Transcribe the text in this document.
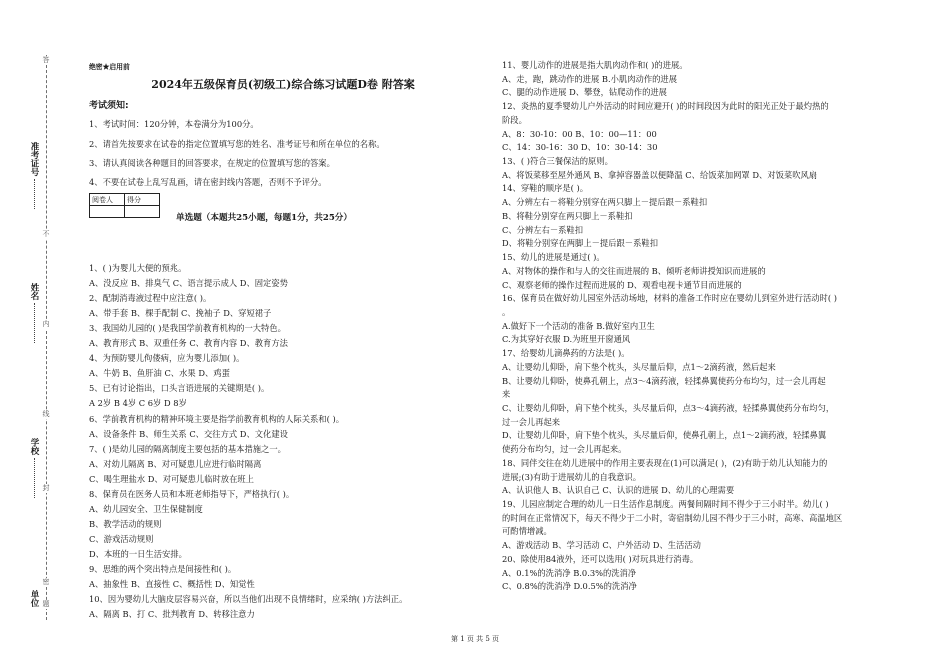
准考证号
姓名
学校
单位
答
不
内
线
封
密
题
绝密★启用前
2024年五级保育员(初级工)综合练习试题D卷 附答案
考试须知:
1、考试时间：120分钟，本卷满分为100分。
2、请首先按要求在试卷的指定位置填写您的姓名、准考证号和所在单位的名称。
3、请认真阅读各种题目的回答要求，在规定的位置填写您的答案。
4、不要在试卷上乱写乱画，请在密封线内答题，否则不予评分。
阅卷人	得分

单选题（本题共25小题，每题1分，共25分）
1、( )为婴儿大便的预兆。
A、没反应 B、排臭气 C、语言提示成人 D、固定姿势
2、配制消毒液过程中应注意( )。
A、带手套 B、棵手配制 C、挽袖子 D、穿短裙子
3、我国幼儿园的( )是我国学前教育机构的一大特色。
A、教育形式 B、双重任务 C、教育内容 D、教育方法
4、为预防婴儿佝偻病，应为婴儿添加( )。
A、牛奶 B、鱼肝油 C、水果 D、鸡蛋
5、已有讨论指出，口头言语进展的关键期是( )。
A 2岁 B 4岁 C 6岁 D 8岁
6、学前教育机构的精神环境主要是指学前教育机构的人际关系和( )。
A、设备条件 B、师生关系 C、交往方式 D、文化建设
7、( )是幼儿园的隔离制度主要包括的基本措施之一。
A、对幼儿隔离 B、对可疑患儿应进行临时隔离
C、喝生理盐水 D、对可疑患儿临时放在班上
8、保育员在医务人员和本班老师指导下，严格执行( )。
A、幼儿园安全、卫生保健制度
B、教学活动的规则
C、游戏活动规则
D、本班的一日生活安排。
9、思维的两个突出特点是间接性和( )。
A、抽象性 B、直接性 C、概括性 D、知觉性
10、因为婴幼儿大脑皮层容易兴奋，所以当他们出现不良情绪时，应采纳( )方法纠正。
A、隔离 B、打 C、批判教育 D、转移注意力
11、婴儿动作的进展是指大肌肉动作和( )的进展。
A、走，跑，跳动作的进展 B.小肌肉动作的进展
C、腿的动作进展 D、攀登，钻爬动作的进展
12、炎热的夏季婴幼儿户外活动的时间应避开( )的时间段因为此时的阳光正处于最灼热的
阶段。
A、8：30-10：00 B、10：00—11：00
C、14：30-16：30 D、10：30-14：30
13、( )符合三餐保洁的原则。
A、将饭菜移至屋外通风 B、拿掉容器盖以便降温 C、给饭菜加网罩 D、对饭菜吹风扇
14、穿鞋的顺序是( )。
A、分辨左右－将鞋分别穿在两只脚上－提后跟－系鞋扣
B、将鞋分别穿在两只脚上－系鞋扣
C、分辨左右－系鞋扣
D、将鞋分别穿在两脚上－提后跟－系鞋扣
15、幼儿的进展是通过( )。
A、对物体的操作和与人的交往而进展的 B、倾听老师讲授知识而进展的
C、观察老师的操作过程而进展的 D、观看电视卡通节目而进展的
16、保育员在做好幼儿园室外活动场地，材料的准备工作时应在婴幼儿到室外进行活动时( )
。
A.做好下一个活动的准备 B.做好室内卫生
C.为其穿好衣服 D.为班里开窗通风
17、给婴幼儿滴鼻药的方法是( )。
A、让婴幼儿仰卧，肩下垫个枕头，头尽量后仰，点1～2滴药液，然后起来
B、让婴幼儿仰卧，使鼻孔朝上，点3～4滴药液，轻揉鼻翼使药分布均匀，过一会儿再起
来
C、让婴幼儿仰卧，肩下垫个枕头，头尽量后仰，点3～4滴药液，轻揉鼻翼使药分布均匀，
过一会儿再起来
D、让婴幼儿仰卧，肩下垫个枕头，头尽量后仰，使鼻孔朝上，点1～2滴药液，轻揉鼻翼
使药分布均匀，过一会儿再起来。
18、同伴交往在幼儿进展中的作用主要表现在(1)可以满足( )，(2)有助于幼儿认知能力的
进展;(3)有助于进展幼儿的自我意识。
A、认识他人 B、认识自己 C、认识的进展 D、幼儿的心理需要
19、儿园应制定合理的幼儿一日生活作息制度。两餐间隔时间不得少于三小时半。幼儿( )
的时间在正常情况下，每天不得少于二小时，寄宿制幼儿园不得少于三小时，高寒、高温地区
可酌情增减。
A、游戏活动 B、学习活动 C、户外活动 D、生活活动
20、除使用84液外，还可以选用( )对玩具进行消毒。
A、0.1%的洗消净 B.0.3%的洗消净
C、0.8%的洗消净 D.0.5%的洗消净
第 1 页 共 5 页
